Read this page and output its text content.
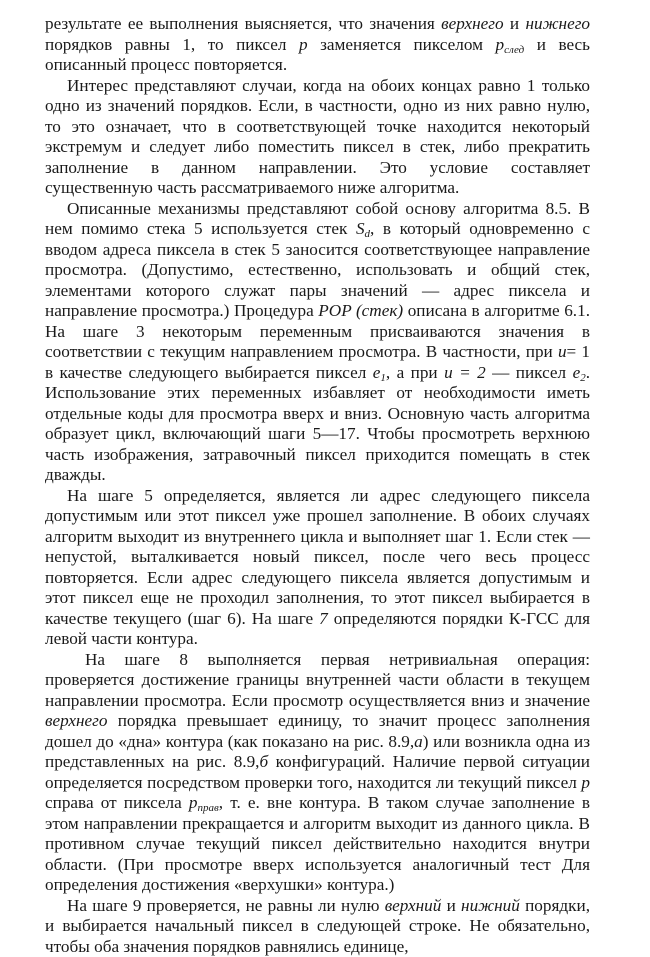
результате ее выполнения выясняется, что значения верхнего и нижнего порядков равны 1, то пиксел p заменяется пикселом $p_{след}$ и весь описанный процесс повторяется.

Интерес представляют случаи, когда на обоих концах равно 1 только одно из значений порядков. Если, в частности, одно из них равно нулю, то это означает, что в соответствующей точке находится некоторый экстремум и следует либо поместить пиксел в стек, либо прекратить заполнение в данном направлении. Это условие составляет существенную часть рассматриваемого ниже алгоритма.

Описанные механизмы представляют собой основу алгоритма 8.5. В нем помимо стека 5 используется стек $S_d$, в который одновременно с вводом адреса пиксела в стек 5 заносится соответствующее направление просмотра. (Допустимо, естественно, использовать и общий стек, элементами которого служат пары значений — адрес пиксела и направление просмотра.) Процедура POP (стек) описана в алгоритме 6.1. На шаге 3 некоторым переменным присваиваются значения в соответствии с текущим направлением просмотра. В частности, при u= 1 в качестве следующего выбирается пиксел $e_1$, а при u = 2 — пиксел $e_2$. Использование этих переменных избавляет от необходимости иметь отдельные коды для просмотра вверх и вниз. Основную часть алгоритма образует цикл, включающий шаги 5—17. Чтобы просмотреть верхнюю часть изображения, затравочный пиксел приходится помещать в стек дважды.

На шаге 5 определяется, является ли адрес следующего пиксела допустимым или этот пиксел уже прошел заполнение. В обоих случаях алгоритм выходит из внутреннего цикла и выполняет шаг 1. Если стек — непустой, выталкивается новый пиксел, после чего весь процесс повторяется. Если адрес следующего пиксела является допустимым и этот пиксел еще не проходил заполнения, то этот пиксел выбирается в качестве текущего (шаг 6). На шаге 7 определяются порядки К-ГСС для левой части контура.

На шаге 8 выполняется первая нетривиальная операция: проверяется достижение границы внутренней части области в текущем направлении просмотра. Если просмотр осуществляется вниз и значение верхнего порядка превышает единицу, то значит процесс заполнения дошел до «дна» контура (как показано на рис. 8.9,а) или возникла одна из представленных на рис. 8.9,б конфигураций. Наличие первой ситуации определяется посредством проверки того, находится ли текущий пиксел p справа от пиксела $p_{прав}$, т. е. вне контура. В таком случае заполнение в этом направлении прекращается и алгоритм выходит из данного цикла. В противном случае текущий пиксел действительно находится внутри области. (При просмотре вверх используется аналогичный тест Для определения достижения «верхушки» контура.)

На шаге 9 проверяется, не равны ли нулю верхний и нижний порядки, и выбирается начальный пиксел в следующей строке. Не обязательно, чтобы оба значения порядков равнялись единице,
